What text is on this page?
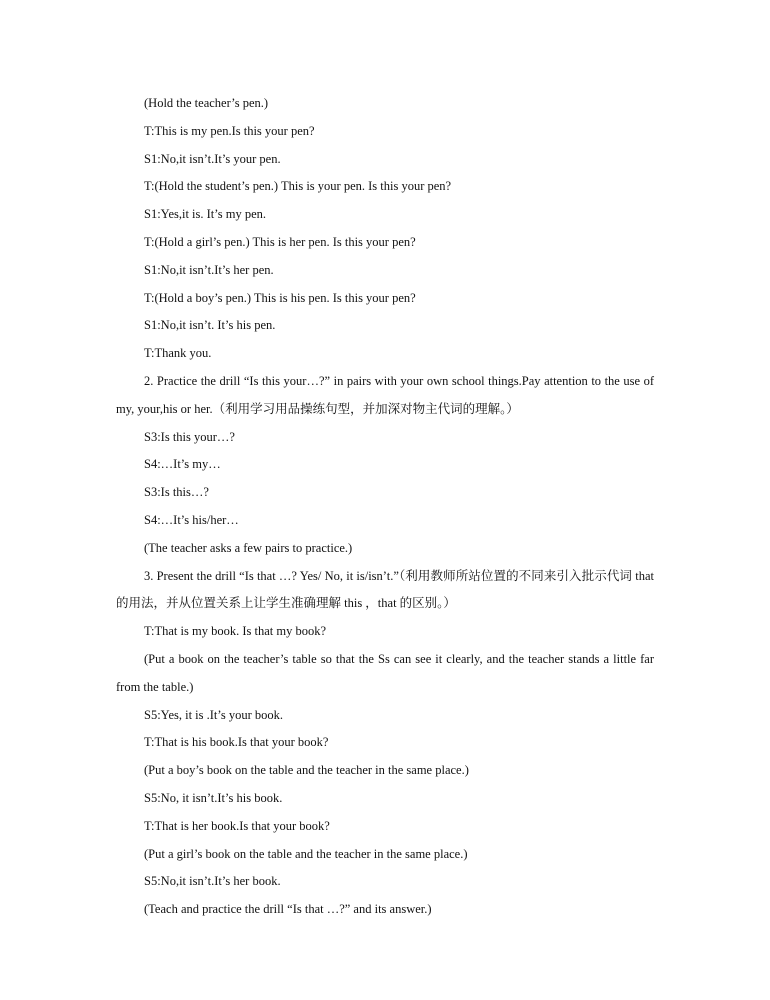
(Hold the teacher’s pen.)

T:This is my pen.Is this your pen?

S1:No,it isn’t.It’s your pen.

T:(Hold the student’s pen.) This is your pen. Is this your pen?

S1:Yes,it is. It’s my pen.

T:(Hold a girl’s pen.) This is her pen. Is this your pen?

S1:No,it isn’t.It’s her pen.

T:(Hold a boy’s pen.) This is his pen. Is this your pen?

S1:No,it isn’t. It’s his pen.

T:Thank you.

2. Practice the drill “Is this your…?” in pairs with your own school things.Pay attention to the use of my, your,his or her.（利用学习用品操练句型，并加深对物主代词的理解。）

S3:Is this your…?

S4:…It’s my…

S3:Is this…?

S4:…It’s his/her…

(The teacher asks a few pairs to practice.)

3. Present the drill “Is that …? Yes/ No, it is/isn’t.”（利用教师所站位置的不同来引入批示代词 that 的用法，并从位置关系上让学生准确理解 this ，that 的区别。）

T:That is my book. Is that my book?

(Put a book on the teacher’s table so that the Ss can see it clearly, and the teacher stands a little far from the table.)

S5:Yes, it is .It’s your book.

T:That is his book.Is that your book?

(Put a boy’s book on the table and the teacher in the same place.)

S5:No, it isn’t.It’s his book.

T:That is her book.Is that your book?

(Put a girl’s book on the table and the teacher in the same place.)

S5:No,it isn’t.It’s her book.

(Teach and practice the drill “Is that …?” and its answer.)
